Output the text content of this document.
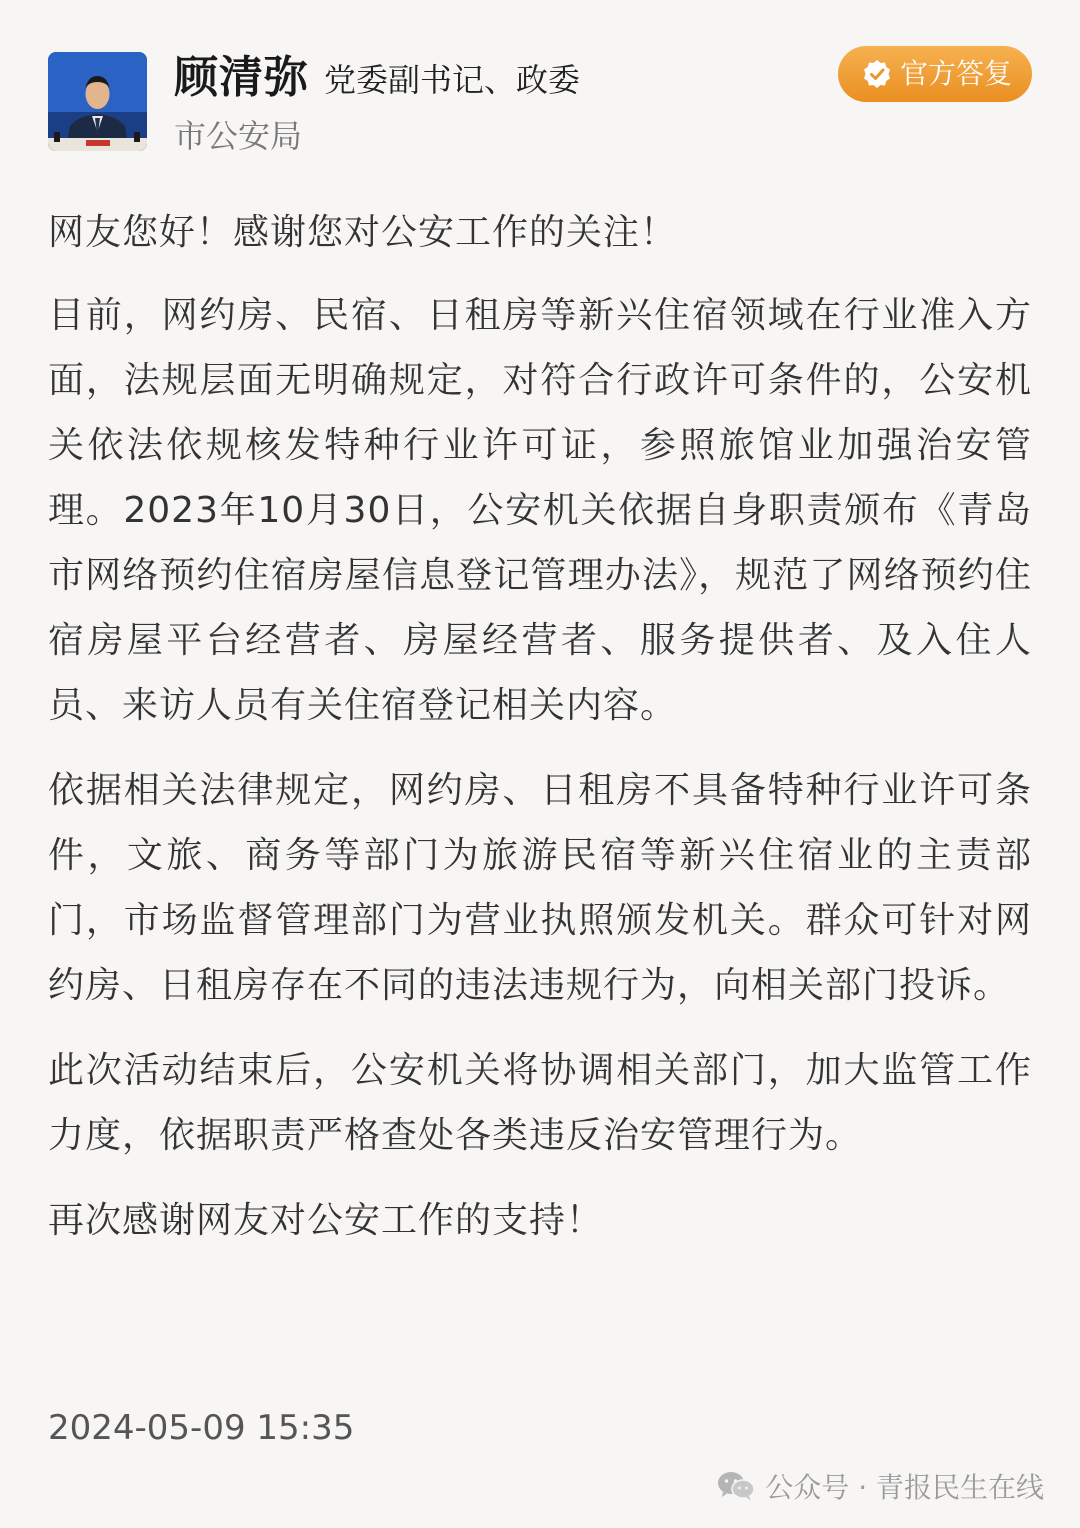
顾清弥 党委副书记、政委
市公安局
官方答复

网友您好！感谢您对公安工作的关注！

目前，网约房、民宿、日租房等新兴住宿领域在行业准入方面，法规层面无明确规定，对符合行政许可条件的，公安机关依法依规核发特种行业许可证，参照旅馆业加强治安管理。2023年10月30日，公安机关依据自身职责颁布《青岛市网络预约住宿房屋信息登记管理办法》，规范了网络预约住宿房屋平台经营者、房屋经营者、服务提供者、及入住人员、来访人员有关住宿登记相关内容。

依据相关法律规定，网约房、日租房不具备特种行业许可条件，文旅、商务等部门为旅游民宿等新兴住宿业的主责部门，市场监督管理部门为营业执照颁发机关。群众可针对网约房、日租房存在不同的违法违规行为，向相关部门投诉。

此次活动结束后，公安机关将协调相关部门，加大监管工作力度，依据职责严格查处各类违反治安管理行为。

再次感谢网友对公安工作的支持！

2024-05-09 15:35
公众号 · 青报民生在线
